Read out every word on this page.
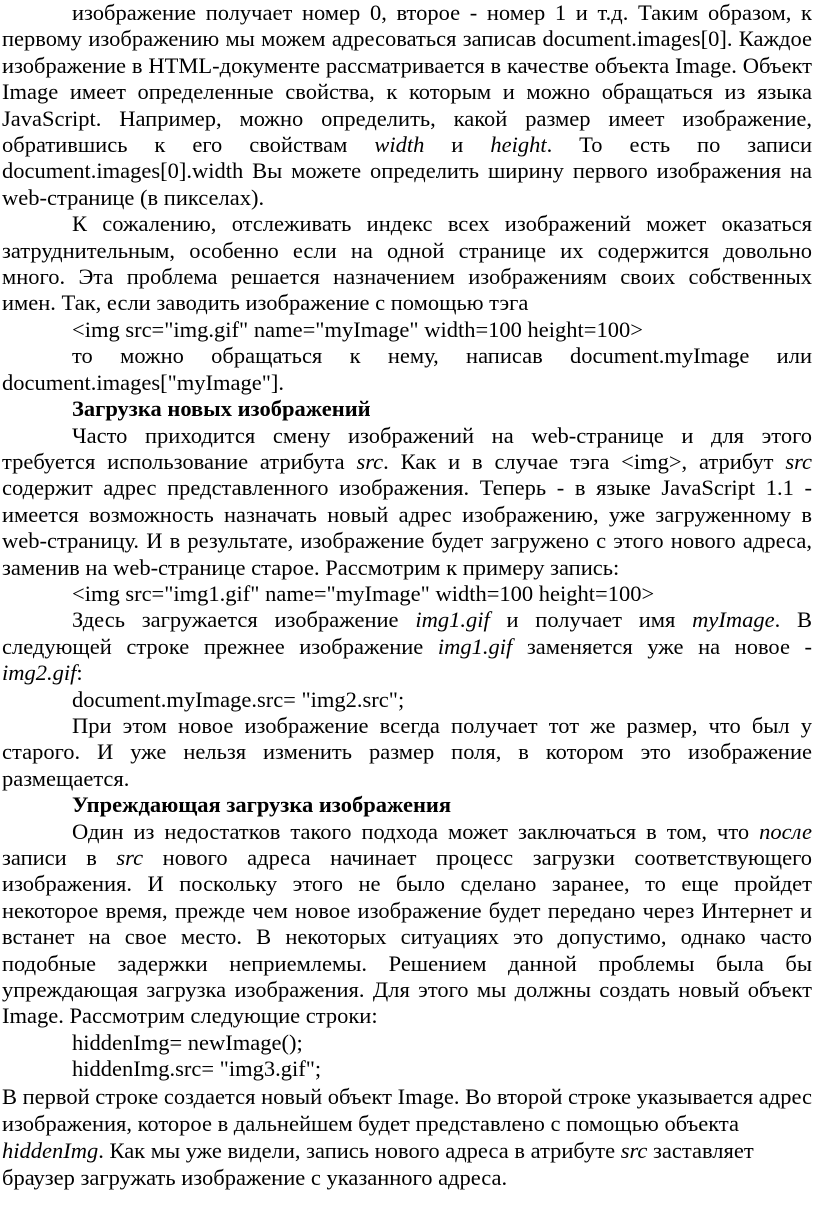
изображение получает номер 0, второе - номер 1 и т.д. Таким образом, к первому изображению мы можем адресоваться записав document.images[0]. Каждое изображение в HTML-документе рассматривается в качестве объекта Image. Объект Image имеет определенные свойства, к которым и можно обращаться из языка JavaScript. Например, можно определить, какой размер имеет изображение, обратившись к его свойствам width и height. То есть по записи document.images[0].width Вы можете определить ширину первого изображения на web-странице (в пикселах).

К сожалению, отслеживать индекс всех изображений может оказаться затруднительным, особенно если на одной странице их содержится довольно много. Эта проблема решается назначением изображениям своих собственных имен. Так, если заводить изображение с помощью тэга

<img src="img.gif" name="myImage" width=100 height=100>

то можно обращаться к нему, написав document.myImage или document.images["myImage"].

Загрузка новых изображений

Часто приходится смену изображений на web-странице и для этого требуется использование атрибута src. Как и в случае тэга <img>, атрибут src содержит адрес представленного изображения. Теперь - в языке JavaScript 1.1 - имеется возможность назначать новый адрес изображению, уже загруженному в web-страницу. И в результате, изображение будет загружено с этого нового адреса, заменив на web-странице старое. Рассмотрим к примеру запись:

<img src="img1.gif" name="myImage" width=100 height=100>

Здесь загружается изображение img1.gif и получает имя myImage. В следующей строке прежнее изображение img1.gif заменяется уже на новое - img2.gif:

document.myImage.src= "img2.src";

При этом новое изображение всегда получает тот же размер, что был у старого. И уже нельзя изменить размер поля, в котором это изображение размещается.

Упреждающая загрузка изображения

Один из недостатков такого подхода может заключаться в том, что после записи в src нового адреса начинает процесс загрузки соответствующего изображения. И поскольку этого не было сделано заранее, то еще пройдет некоторое время, прежде чем новое изображение будет передано через Интернет и встанет на свое место. В некоторых ситуациях это допустимо, однако часто подобные задержки неприемлемы. Решением данной проблемы была бы упреждающая загрузка изображения. Для этого мы должны создать новый объект Image. Рассмотрим следующие строки:

hiddenImg= newImage();

hiddenImg.src= "img3.gif";

В первой строке создается новый объект Image. Во второй строке указывается адрес изображения, которое в дальнейшем будет представлено с помощью объекта hiddenImg. Как мы уже видели, запись нового адреса в атрибуте src заставляет браузер загружать изображение с указанного адреса.
